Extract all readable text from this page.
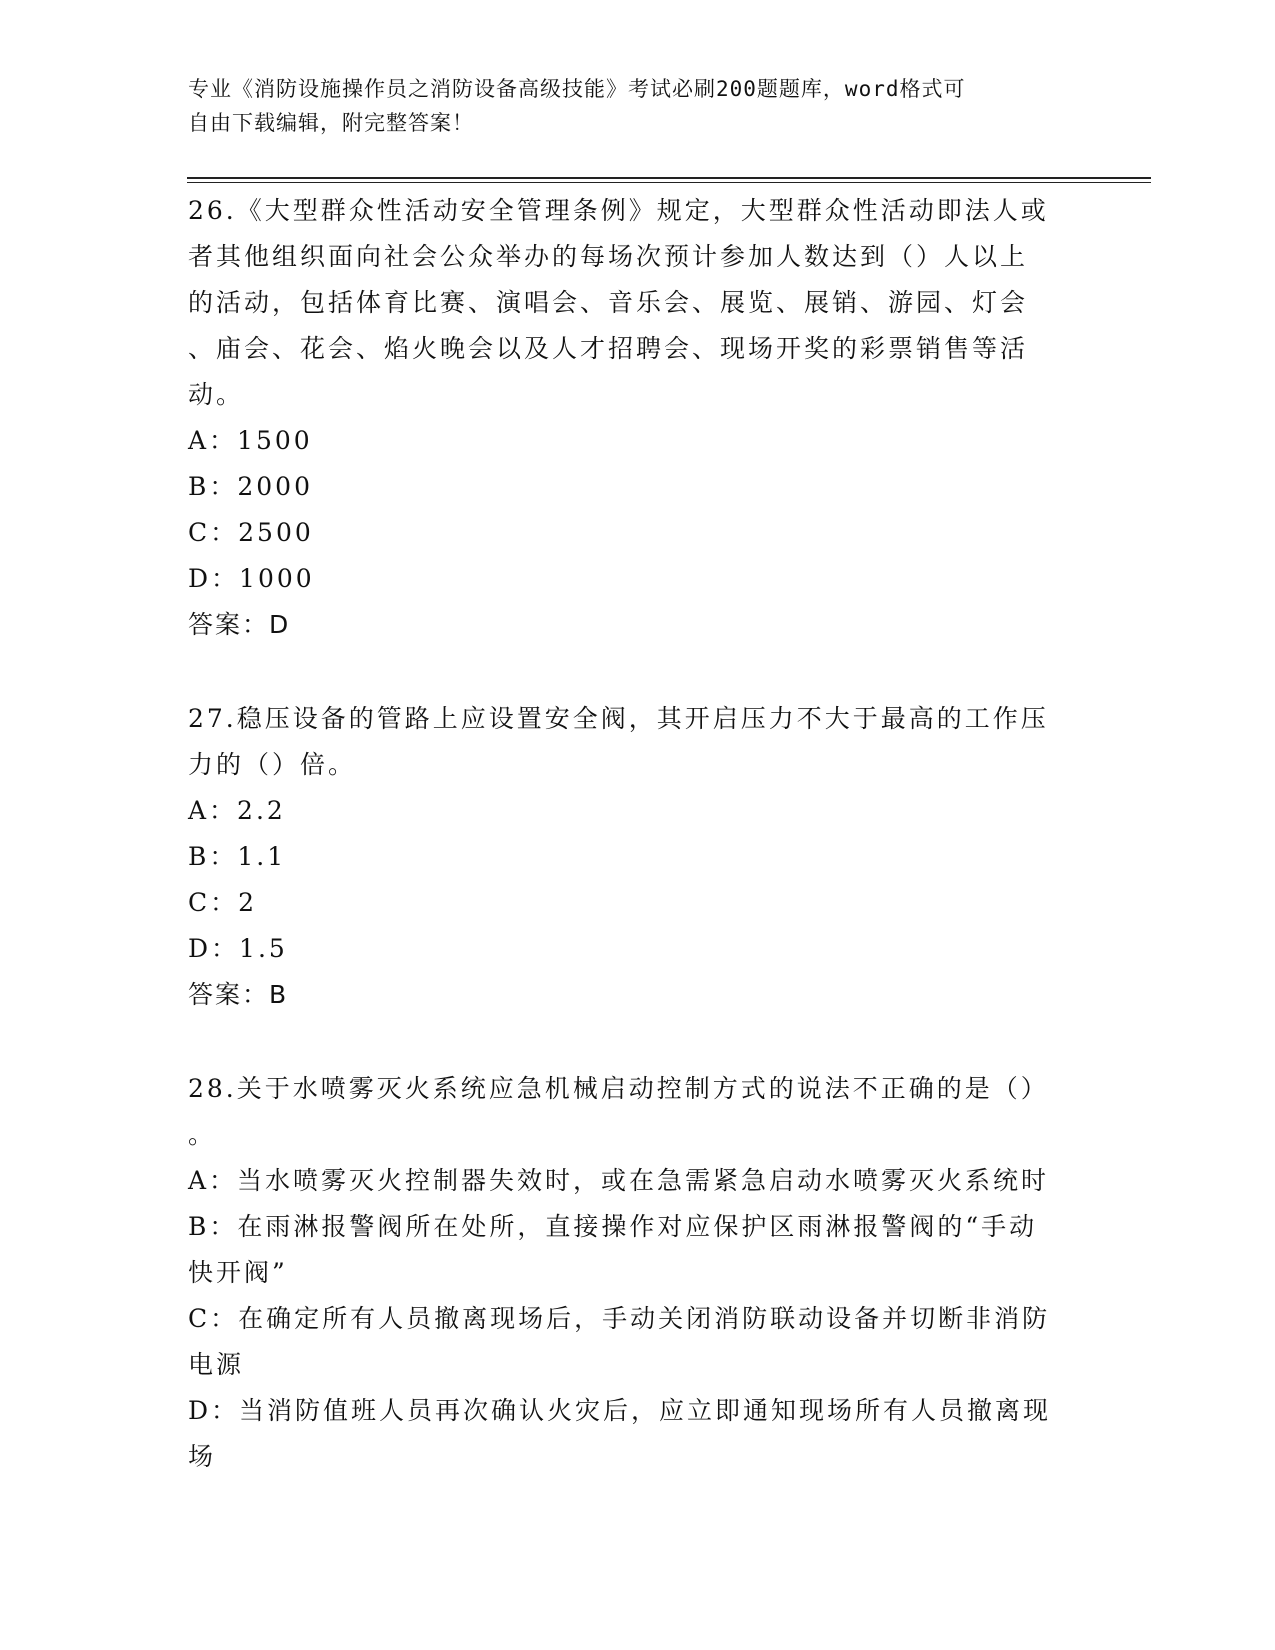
专业《消防设施操作员之消防设备高级技能》考试必刷200题题库，word格式可
自由下载编辑，附完整答案！
26.《大型群众性活动安全管理条例》规定，大型群众性活动即法人或
者其他组织面向社会公众举办的每场次预计参加人数达到（）人以上
的活动，包括体育比赛、演唱会、音乐会、展览、展销、游园、灯会
、庙会、花会、焰火晚会以及人才招聘会、现场开奖的彩票销售等活
动。
A：1500
B：2000
C：2500
D：1000
答案：D
27.稳压设备的管路上应设置安全阀，其开启压力不大于最高的工作压
力的（）倍。
A：2.2
B：1.1
C：2
D：1.5
答案：B
28.关于水喷雾灭火系统应急机械启动控制方式的说法不正确的是（）
。
A：当水喷雾灭火控制器失效时，或在急需紧急启动水喷雾灭火系统时
B：在雨淋报警阀所在处所，直接操作对应保护区雨淋报警阀的“手动
快开阀”
C：在确定所有人员撤离现场后，手动关闭消防联动设备并切断非消防
电源
D：当消防值班人员再次确认火灾后，应立即通知现场所有人员撤离现
场
